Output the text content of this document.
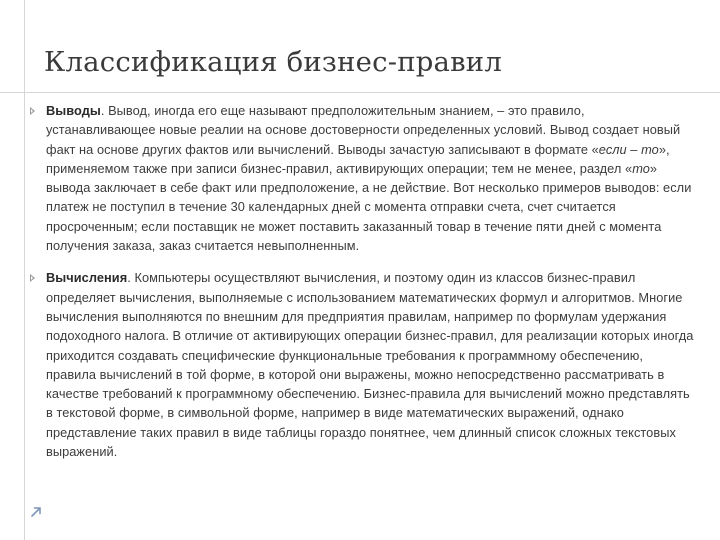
Классификация бизнес-правил

Выводы. Вывод, иногда его еще называют предположительным знанием, – это правило, устанавливающее новые реалии на основе достоверности определенных условий. Вывод создает новый факт на основе других фактов или вычислений. Выводы зачастую записывают в формате «если – то», применяемом также при записи бизнес-правил, активирующих операции; тем не менее, раздел «то» вывода заключает в себе факт или предположение, а не действие. Вот несколько примеров выводов: если платеж не поступил в течение 30 календарных дней с момента отправки счета, счет считается просроченным; если поставщик не может поставить заказанный товар в течение пяти дней с момента получения заказа, заказ считается невыполненным.

Вычисления. Компьютеры осуществляют вычисления, и поэтому один из классов бизнес-правил определяет вычисления, выполняемые с использованием математических формул и алгоритмов. Многие вычисления выполняются по внешним для предприятия правилам, например по формулам удержания подоходного налога. В отличие от активирующих операции бизнес-правил, для реализации которых иногда приходится создавать специфические функциональные требования к программному обеспечению, правила вычислений в той форме, в которой они выражены, можно непосредственно рассматривать в качестве требований к программному обеспечению. Бизнес-правила для вычислений можно представлять в текстовой форме, в символьной форме, например в виде математических выражений, однако представление таких правил в виде таблицы гораздо понятнее, чем длинный список сложных текстовых выражений.
